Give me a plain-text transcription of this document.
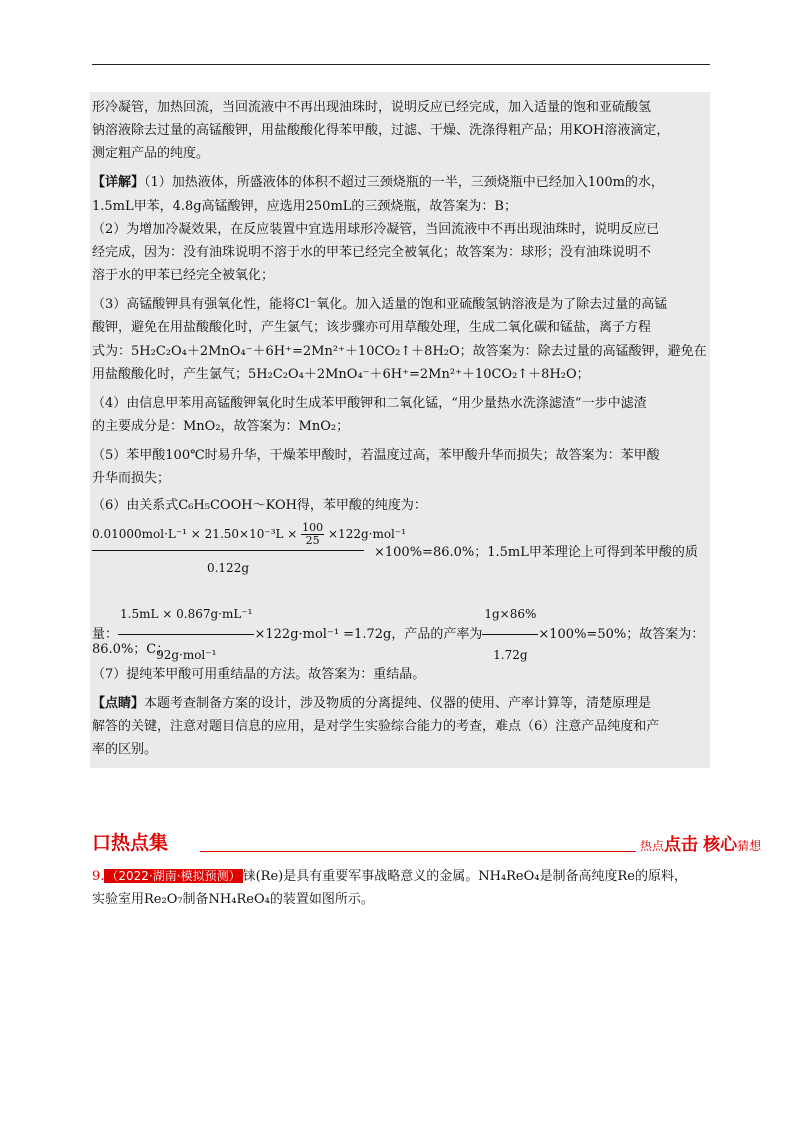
形冷凝管，加热回流，当回流液中不再出现油珠时，说明反应已经完成，加入适量的饱和亚硫酸氢
钠溶液除去过量的高锰酸钾，用盐酸酸化得苯甲酸，过滤、干燥、洗涤得粗产品；用KOH溶液滴定，
测定粗产品的纯度。
【详解】（1）加热液体，所盛液体的体积不超过三颈烧瓶的一半，三颈烧瓶中已经加入100m的水，
1.5mL甲苯，4.8g高锰酸钾，应选用250mL的三颈烧瓶，故答案为：B；
（2）为增加冷凝效果，在反应装置中宜选用球形冷凝管，当回流液中不再出现油珠时，说明反应已
经完成，因为：没有油珠说明不溶于水的甲苯已经完全被氧化；故答案为：球形；没有油珠说明不
溶于水的甲苯已经完全被氧化；
（3）高锰酸钾具有强氧化性，能将Cl⁻氧化。加入适量的饱和亚硫酸氢钠溶液是为了除去过量的高锰
酸钾，避免在用盐酸酸化时，产生氯气；该步骤亦可用草酸处理，生成二氧化碳和锰盐，离子方程
式为：5H₂C₂O₄＋2MnO₄⁻＋6H⁺=2Mn²⁺＋10CO₂↑＋8H₂O；故答案为：除去过量的高锰酸钾，避免在
用盐酸酸化时，产生氯气；5H₂C₂O₄＋2MnO₄⁻＋6H⁺=2Mn²⁺＋10CO₂↑＋8H₂O；
（4）由信息甲苯用高锰酸钾氧化时生成苯甲酸钾和二氧化锰，“用少量热水洗涤滤渣”一步中滤渣
的主要成分是：MnO₂，故答案为：MnO₂；
（5）苯甲酸100℃时易升华，干燥苯甲酸时，若温度过高，苯甲酸升华而损失；故答案为：苯甲酸
升华而损失；
（6）由关系式C₆H₅COOH～KOH得，苯甲酸的纯度为：
$0.01000mol\cdot L^{-1} \times 21.50\times 10^{-3}L \times \frac{100}{25} \times 122g\cdot mol^{-1}$
0.122g
×100%=86.0%；1.5mL甲苯理论上可得到苯甲酸的质
量： $\frac{\text{1.5mL × 0.867g·mL⁻¹}}{\text{92g·mol⁻¹}} \times 122g\cdot mol^{-1} =1.72g$，产品的产率为 $\frac{1g\times 86\%}{1.72g} \times 100\%=50\%$；故答案为：
86.0%；C；
（7）提纯苯甲酸可用重结晶的方法。故答案为：重结晶。
【点睛】本题考查制备方案的设计，涉及物质的分离提纯、仪器的使用、产率计算等，清楚原理是
解答的关键，注意对题目信息的应用，是对学生实验综合能力的考查，难点（6）注意产品纯度和产
率的区别。
口热点集	热点点击 核心猜想
9. （2022·湖南·模拟预测） 铼(Re)是具有重要军事战略意义的金属。NH₄ReO₄是制备高纯度Re的原料，
实验室用Re₂O₇制备NH₄ReO₄的装置如图所示。
